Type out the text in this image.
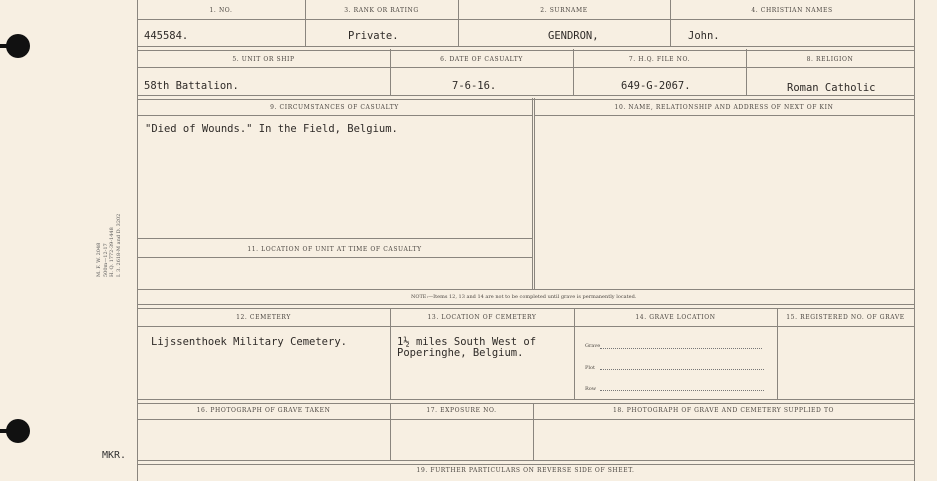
M. F. W. 2048 500m—12-17 H. Q. 1772-39-1448 I. 3. 2618-M and D. 3202
MKR.
1. NO.	3. RANK OR RATING	2. SURNAME	4. CHRISTIAN NAMES
445584.	Private.	GENDRON,	John.
5. UNIT OR SHIP	6. DATE OF CASUALTY	7. H.Q. FILE NO.	8. RELIGION
58th Battalion.	7-6-16.	649-G-2067.	Roman Catholic
9. CIRCUMSTANCES OF CASUALTY	10. NAME, RELATIONSHIP AND ADDRESS OF NEXT OF KIN
"Died of Wounds." In the Field, Belgium.
11. LOCATION OF UNIT AT TIME OF CASUALTY
NOTE:—Items 12, 13 and 14 are not to be completed until grave is permanently located.
12. CEMETERY	13. LOCATION OF CEMETERY	14. GRAVE LOCATION	15. REGISTERED NO. OF GRAVE
Lijssenthoek Military Cemetery.	1½ miles South West of
Poperinghe, Belgium.
Grave
Plot
Row
16. PHOTOGRAPH OF GRAVE TAKEN	17. EXPOSURE NO.	18. PHOTOGRAPH OF GRAVE AND CEMETERY SUPPLIED TO
19. FURTHER PARTICULARS ON REVERSE SIDE OF SHEET.
